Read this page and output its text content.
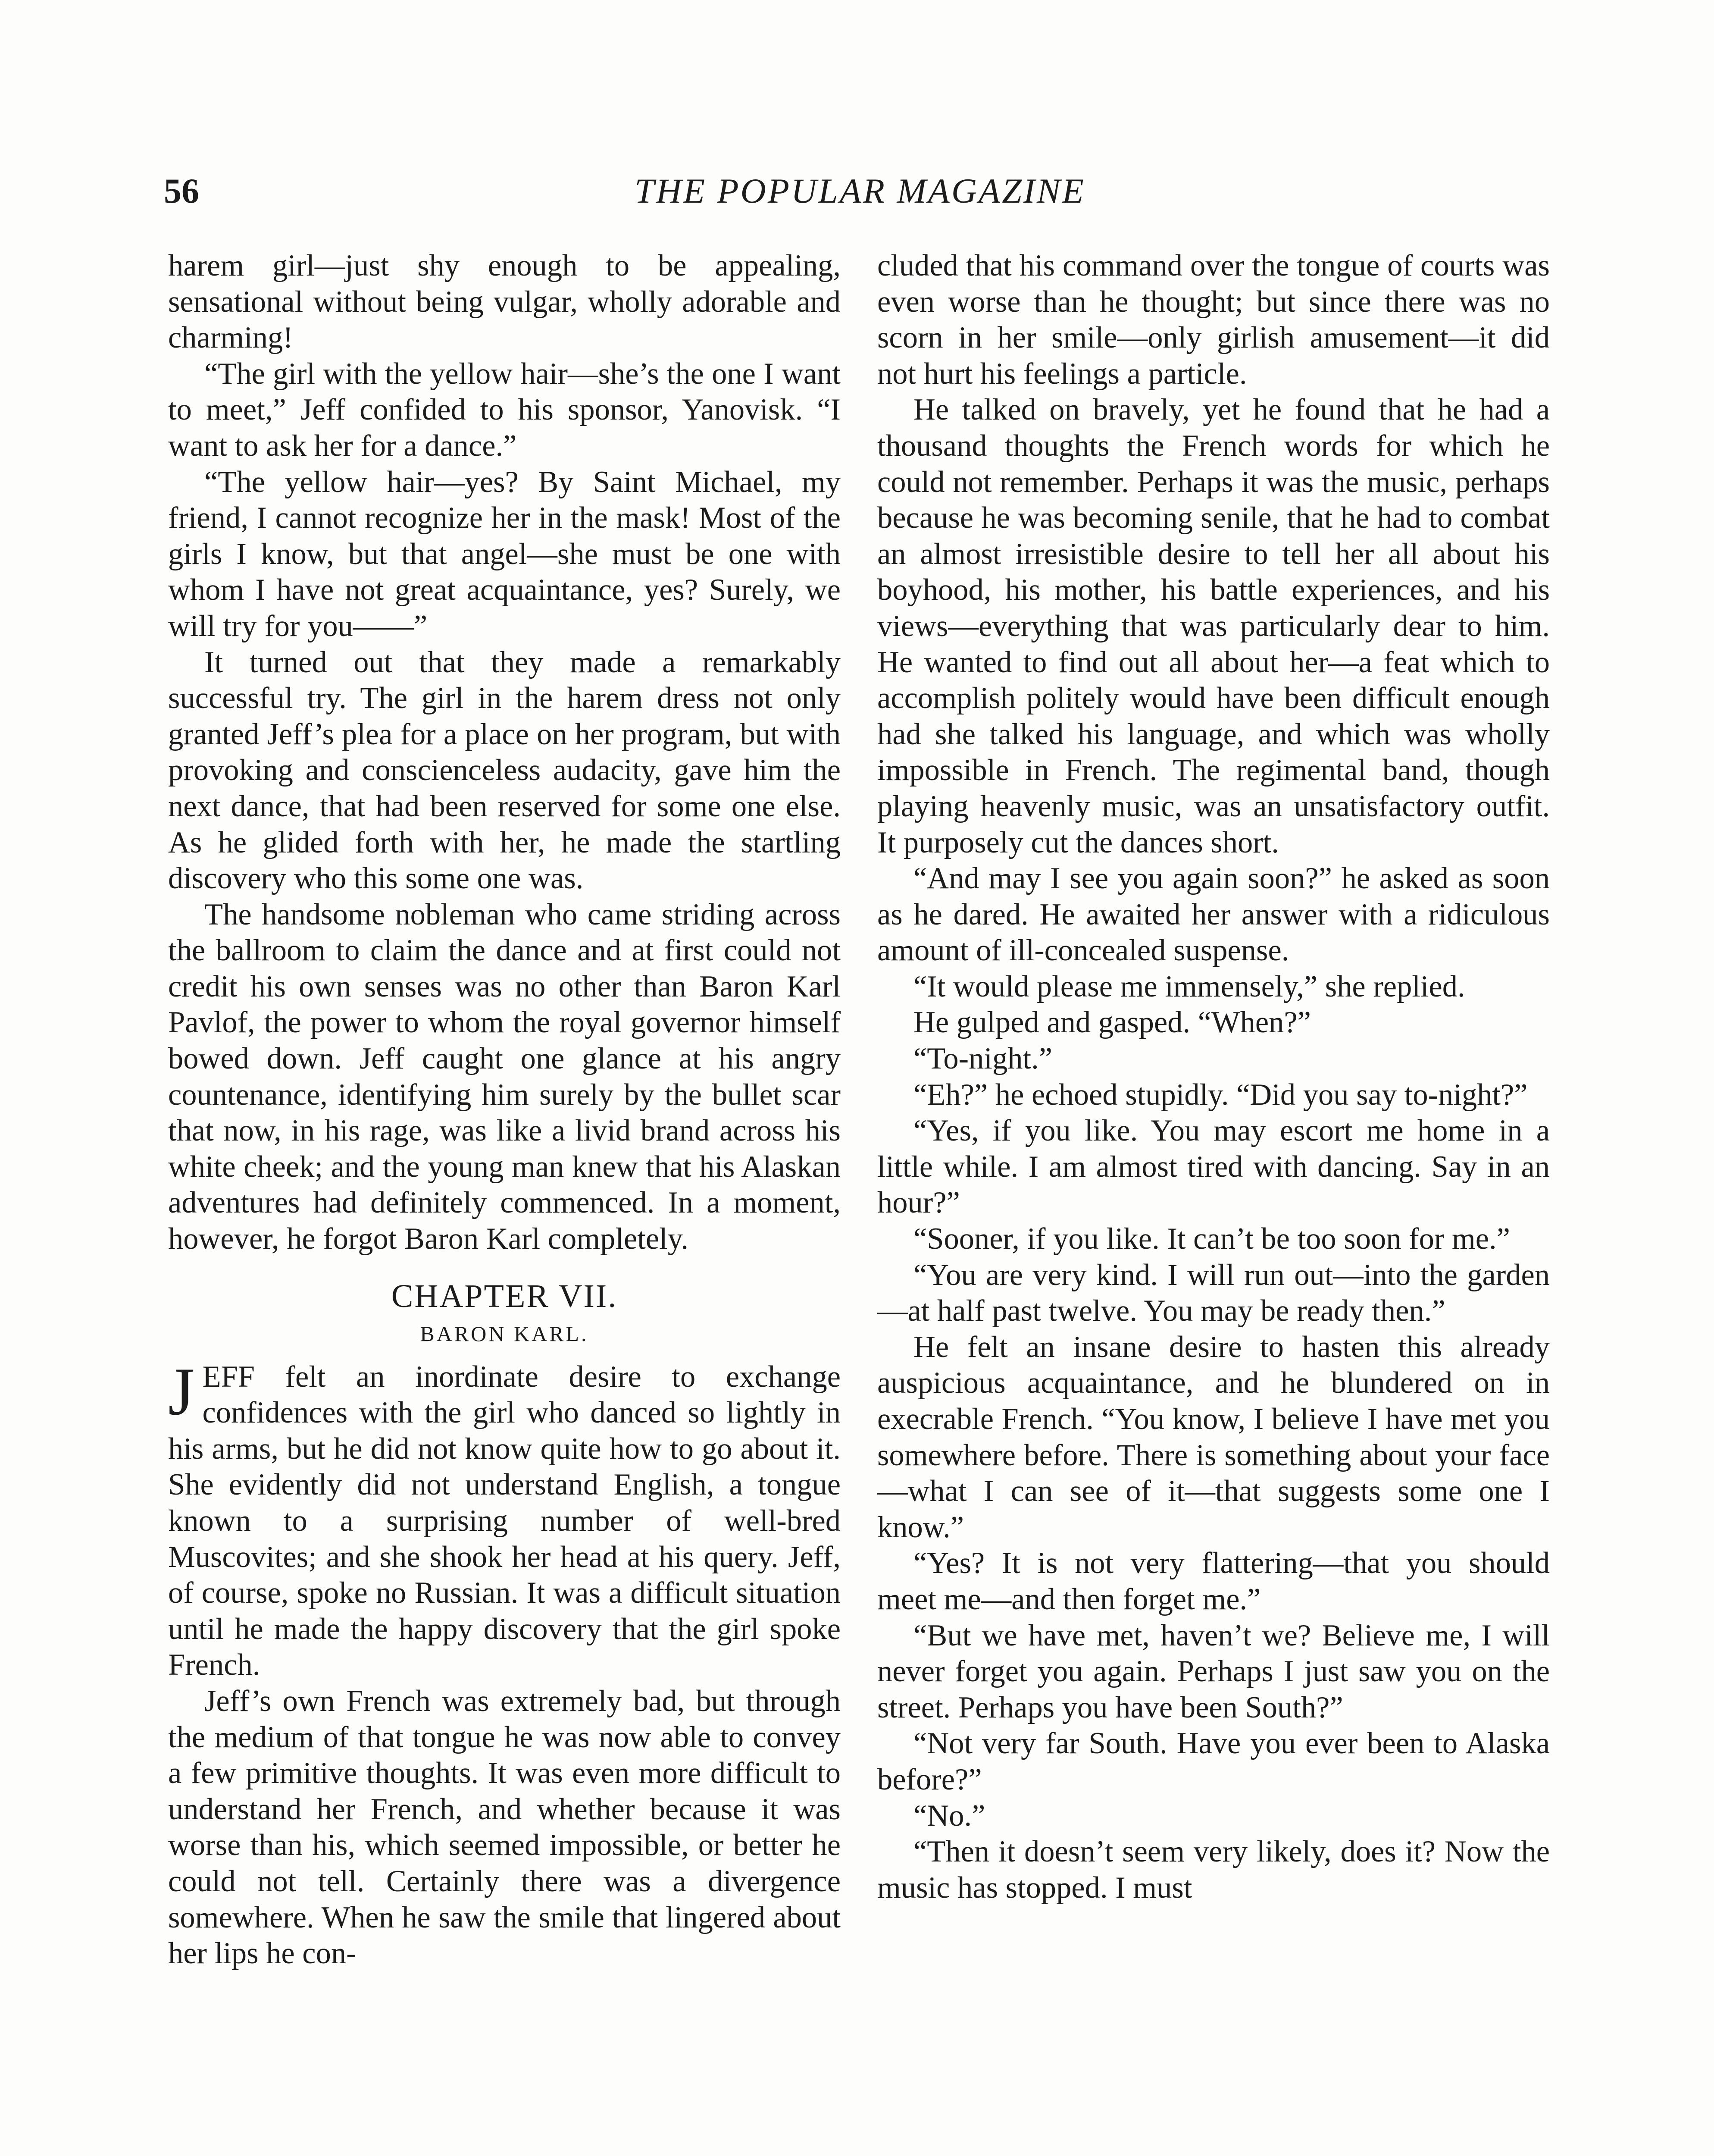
56	THE POPULAR MAGAZINE

harem girl—just shy enough to be appealing, sensational without being vulgar, wholly adorable and charming!

“The girl with the yellow hair—she’s the one I want to meet,” Jeff confided to his sponsor, Yanovisk. “I want to ask her for a dance.”

“The yellow hair—yes? By Saint Michael, my friend, I cannot recognize her in the mask! Most of the girls I know, but that angel—she must be one with whom I have not great acquaintance, yes? Surely, we will try for you——”

It turned out that they made a remarkably successful try. The girl in the harem dress not only granted Jeff’s plea for a place on her program, but with provoking and conscienceless audacity, gave him the next dance, that had been reserved for some one else. As he glided forth with her, he made the startling discovery who this some one was.

The handsome nobleman who came striding across the ballroom to claim the dance and at first could not credit his own senses was no other than Baron Karl Pavlof, the power to whom the royal governor himself bowed down. Jeff caught one glance at his angry countenance, identifying him surely by the bullet scar that now, in his rage, was like a livid brand across his white cheek; and the young man knew that his Alaskan adventures had definitely commenced. In a moment, however, he forgot Baron Karl completely.

CHAPTER VII.
BARON KARL.

JEFF felt an inordinate desire to exchange confidences with the girl who danced so lightly in his arms, but he did not know quite how to go about it. She evidently did not understand English, a tongue known to a surprising number of well-bred Muscovites; and she shook her head at his query. Jeff, of course, spoke no Russian. It was a difficult situation until he made the happy discovery that the girl spoke French.

Jeff’s own French was extremely bad, but through the medium of that tongue he was now able to convey a few primitive thoughts. It was even more difficult to understand her French, and whether because it was worse than his, which seemed impossible, or better he could not tell. Certainly there was a divergence somewhere. When he saw the smile that lingered about her lips he con-

cluded that his command over the tongue of courts was even worse than he thought; but since there was no scorn in her smile—only girlish amusement—it did not hurt his feelings a particle.

He talked on bravely, yet he found that he had a thousand thoughts the French words for which he could not remember. Perhaps it was the music, perhaps because he was becoming senile, that he had to combat an almost irresistible desire to tell her all about his boyhood, his mother, his battle experiences, and his views—everything that was particularly dear to him. He wanted to find out all about her—a feat which to accomplish politely would have been difficult enough had she talked his language, and which was wholly impossible in French. The regimental band, though playing heavenly music, was an unsatisfactory outfit. It purposely cut the dances short.

“And may I see you again soon?” he asked as soon as he dared. He awaited her answer with a ridiculous amount of ill-concealed suspense.

“It would please me immensely,” she replied.

He gulped and gasped. “When?”

“To-night.”

“Eh?” he echoed stupidly. “Did you say to-night?”

“Yes, if you like. You may escort me home in a little while. I am almost tired with dancing. Say in an hour?”

“Sooner, if you like. It can’t be too soon for me.”

“You are very kind. I will run out—into the garden—at half past twelve. You may be ready then.”

He felt an insane desire to hasten this already auspicious acquaintance, and he blundered on in execrable French. “You know, I believe I have met you somewhere before. There is something about your face—what I can see of it—that suggests some one I know.”

“Yes? It is not very flattering—that you should meet me—and then forget me.”

“But we have met, haven’t we? Believe me, I will never forget you again. Perhaps I just saw you on the street. Perhaps you have been South?”

“Not very far South. Have you ever been to Alaska before?”

“No.”

“Then it doesn’t seem very likely, does it? Now the music has stopped. I must
